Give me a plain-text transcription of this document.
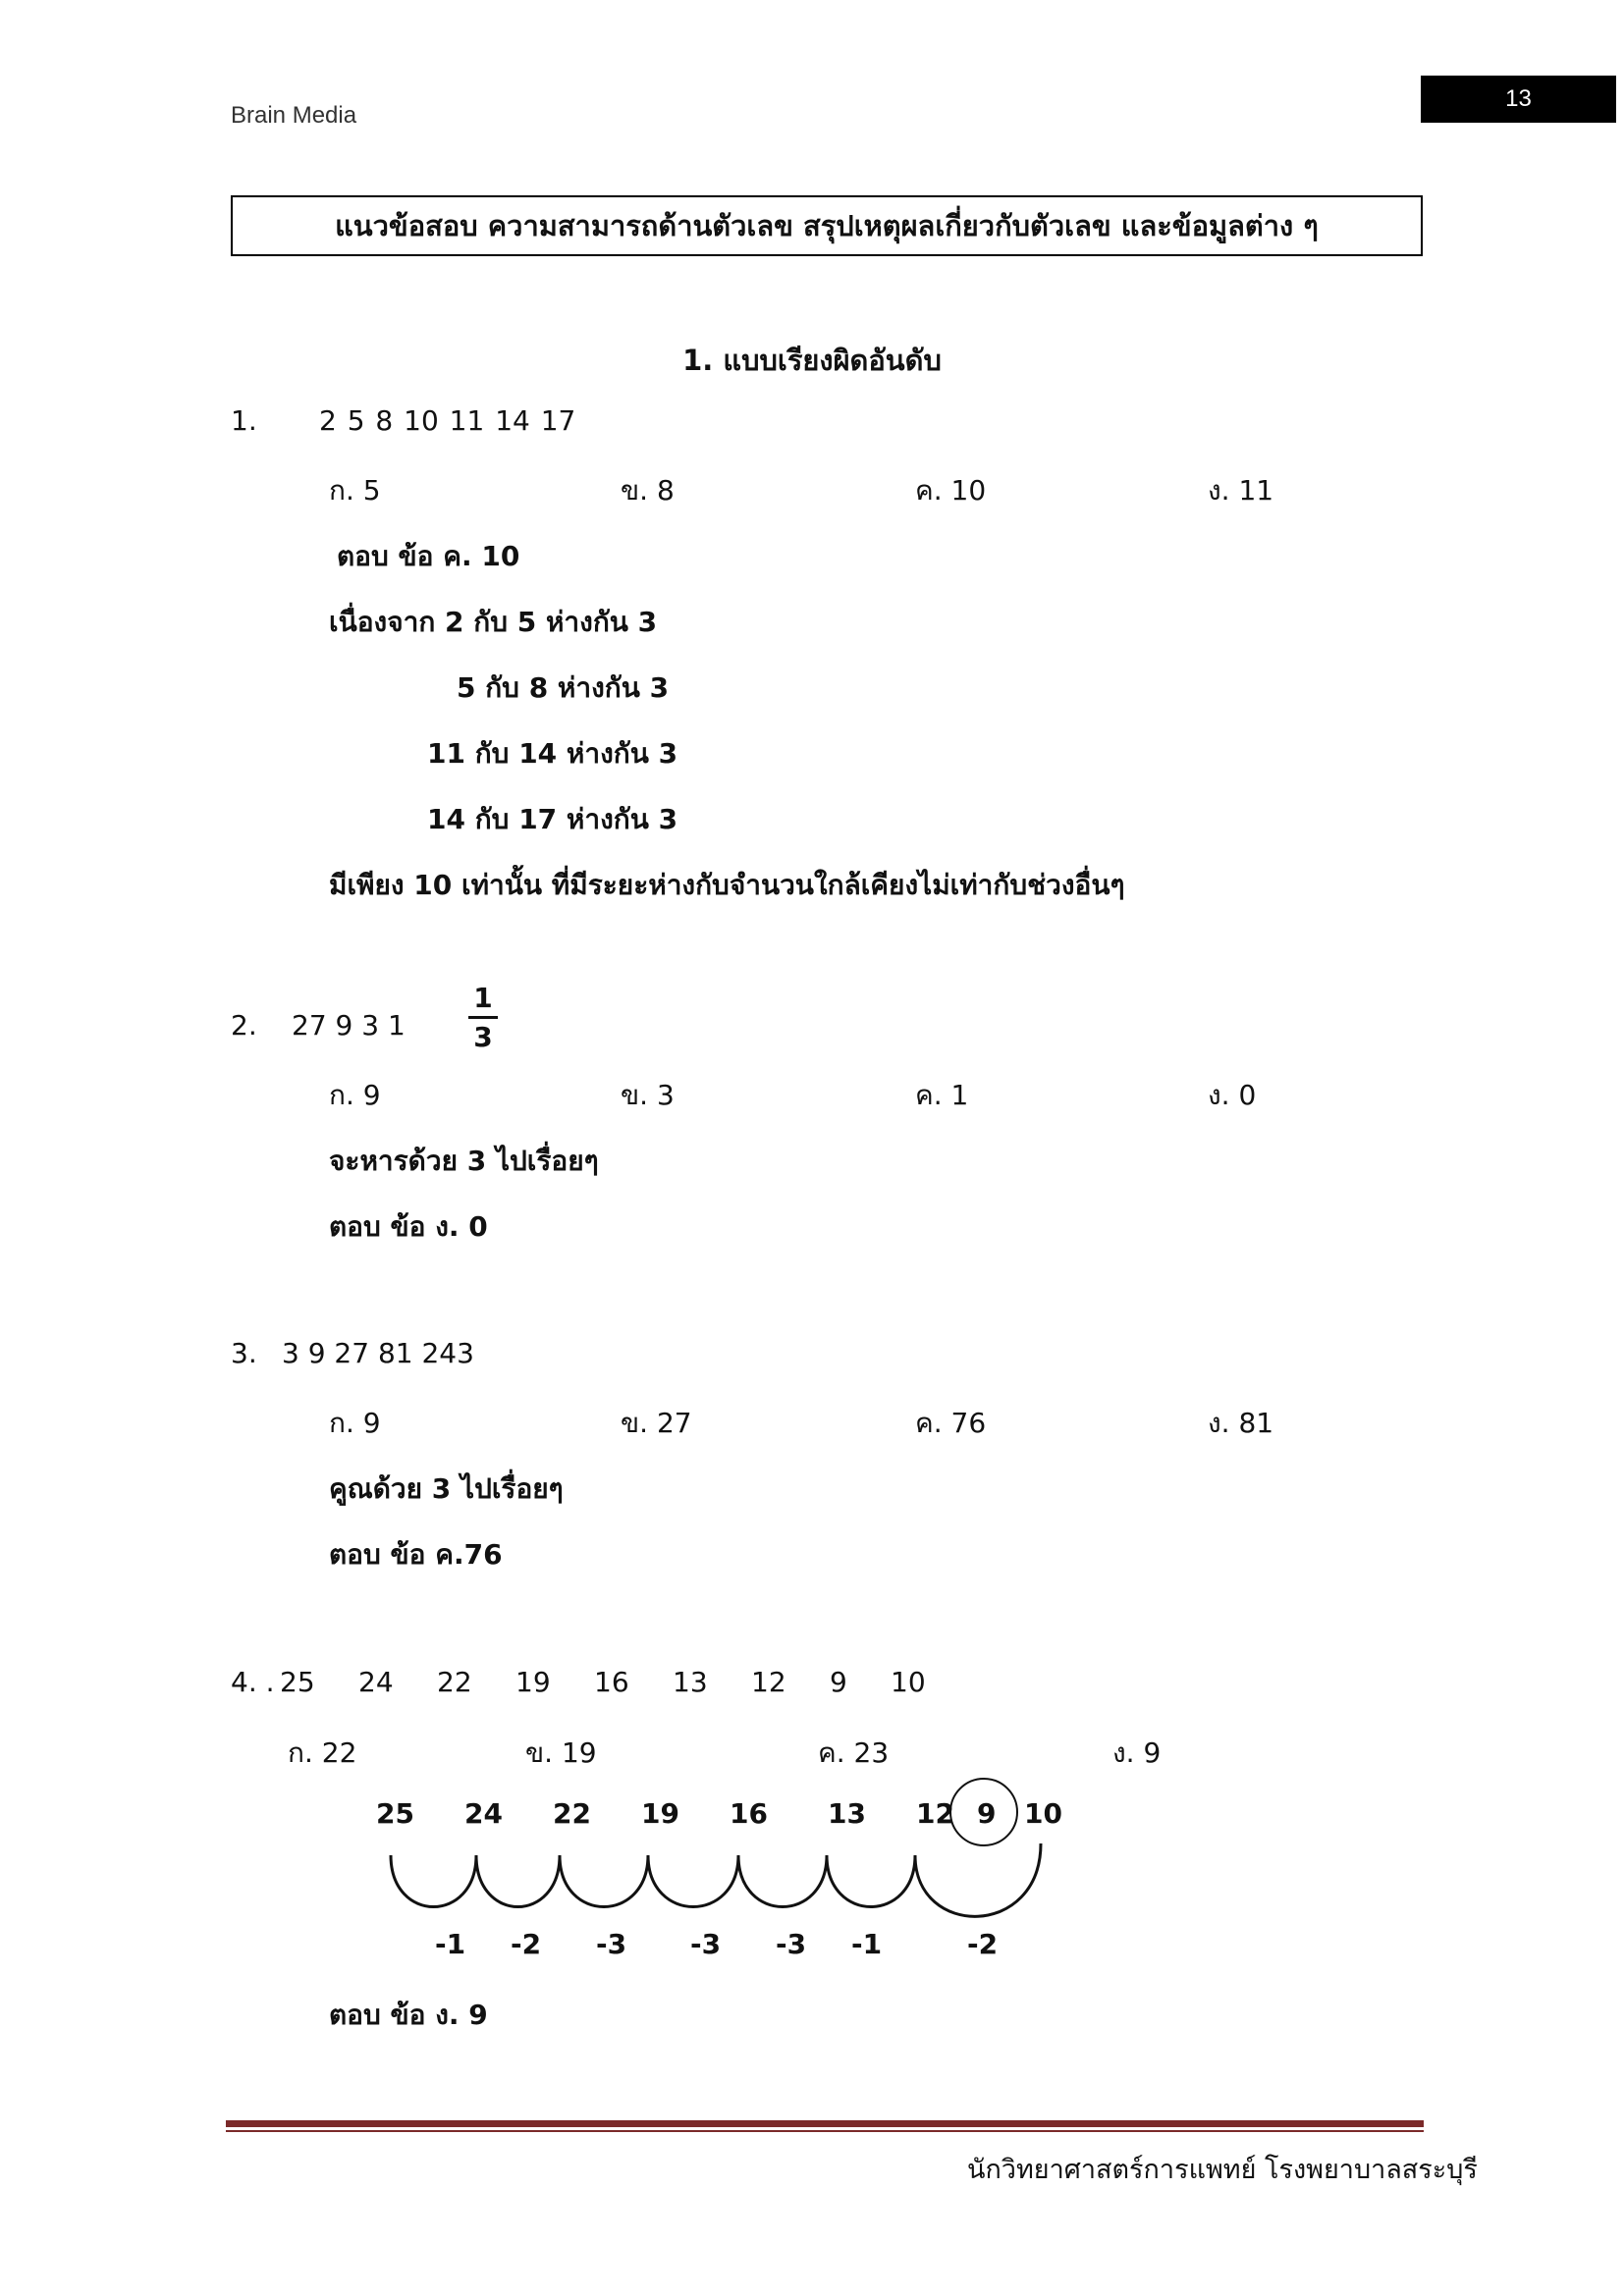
Brain Media
13
แนวข้อสอบ ความสามารถด้านตัวเลข สรุปเหตุผลเกี่ยวกับตัวเลข และข้อมูลต่าง ๆ
1. แบบเรียงผิดอันดับ
1. 2 5 8 10 11 14 17
ก. 5	ข. 8	ค. 10	ง. 11
ตอบ ข้อ ค. 10
เนื่องจาก 2 กับ 5 ห่างกัน 3
5 กับ 8 ห่างกัน 3
11 กับ 14 ห่างกัน 3
14 กับ 17 ห่างกัน 3
มีเพียง 10 เท่านั้น ที่มีระยะห่างกับจำนวนใกล้เคียงไม่เท่ากับช่วงอื่นๆ
2. 27 9 3 1
1
3
ก. 9	ข. 3	ค. 1	ง. 0
จะหารด้วย 3 ไปเรื่อยๆ
ตอบ ข้อ ง. 0
3. 3 9 27 81 243
ก. 9	ข. 27	ค. 76	ง. 81
คูณด้วย 3 ไปเรื่อยๆ
ตอบ ข้อ ค.76
4. . 25 24 22 19 16 13 12 9 10
ก. 22	ข. 19	ค. 23	ง. 9
25 24 22 19 16 13 12 9 10
-1 -2 -3 -3 -3 -1	-2
ตอบ ข้อ ง. 9
นักวิทยาศาสตร์การแพทย์ โรงพยาบาลสระบุรี
